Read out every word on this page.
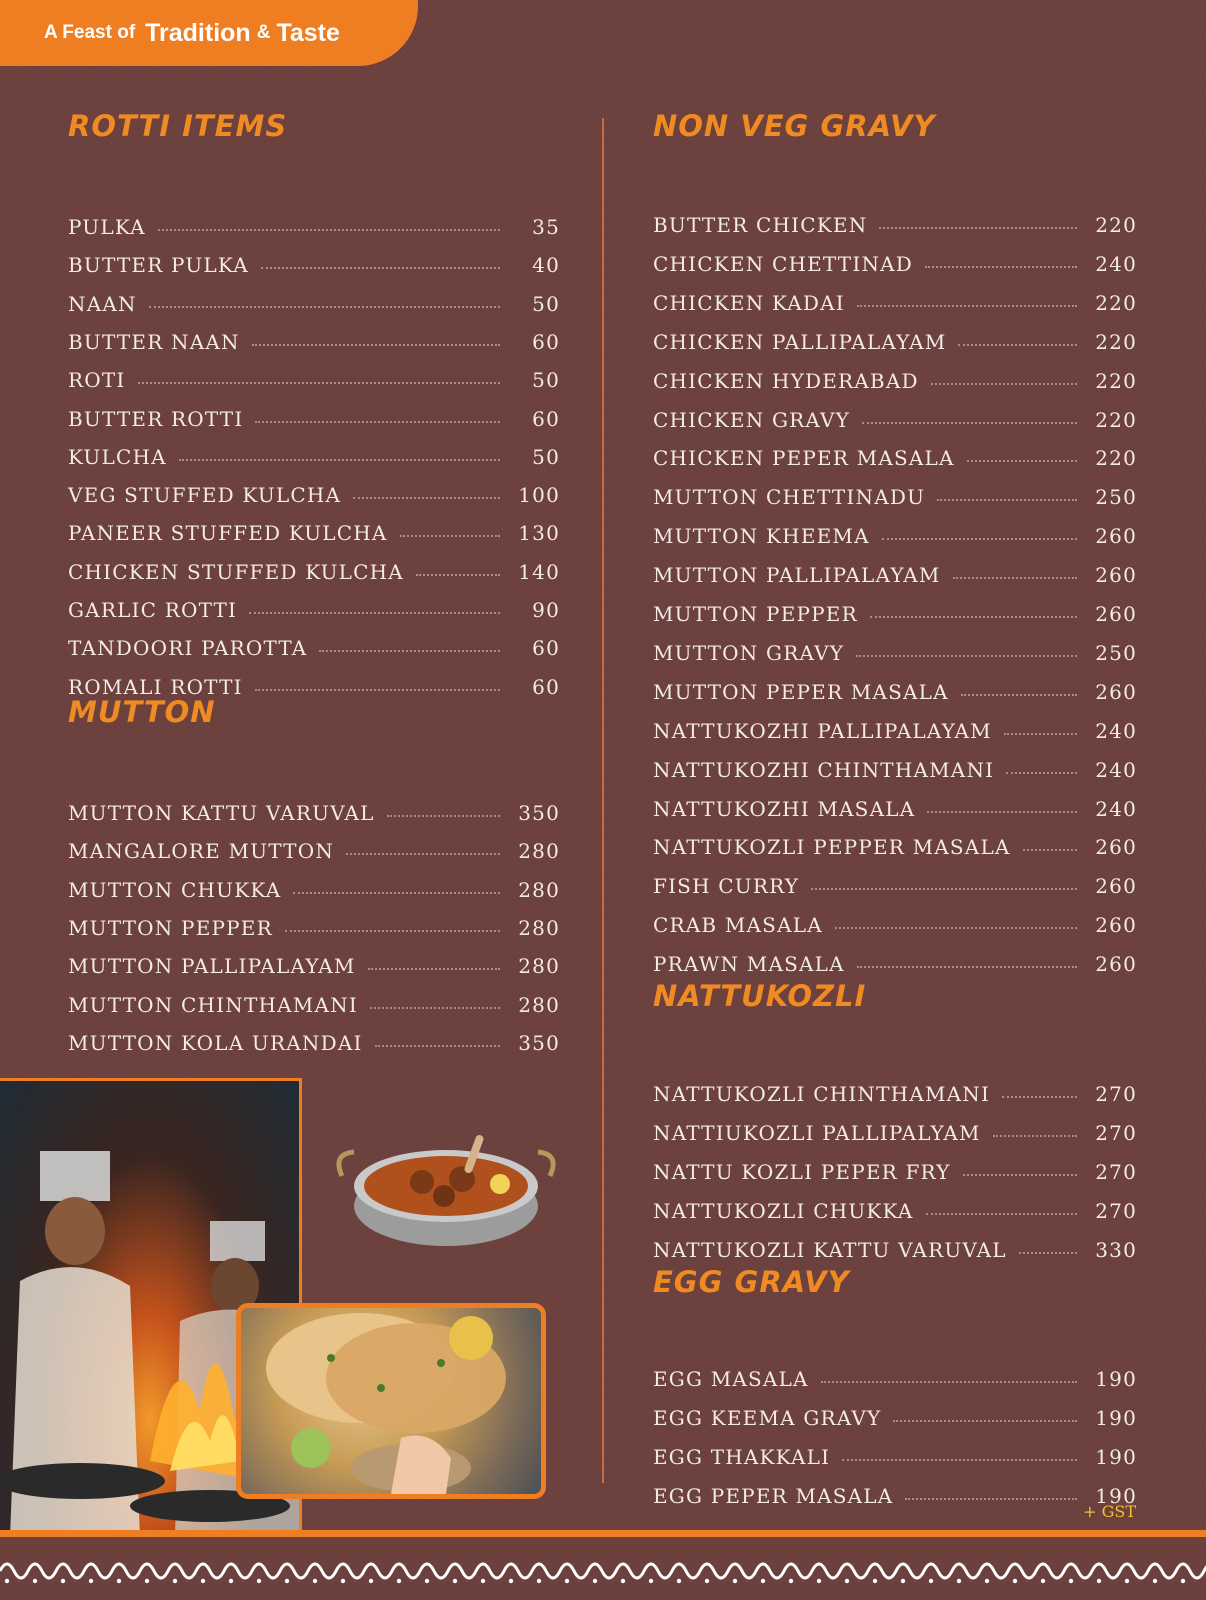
A Feast of Tradition & Taste
ROTTI ITEMS
PULKA	35
BUTTER PULKA	40
NAAN	50
BUTTER NAAN	60
ROTI	50
BUTTER ROTTI	60
KULCHA	50
VEG STUFFED KULCHA	100
PANEER STUFFED KULCHA	130
CHICKEN STUFFED KULCHA	140
GARLIC ROTTI	90
TANDOORI PAROTTA	60
ROMALI ROTTI	60
MUTTON
MUTTON KATTU VARUVAL	350
MANGALORE MUTTON	280
MUTTON CHUKKA	280
MUTTON PEPPER	280
MUTTON PALLIPALAYAM	280
MUTTON CHINTHAMANI	280
MUTTON KOLA URANDAI	350
NON VEG GRAVY
BUTTER CHICKEN	220
CHICKEN CHETTINAD	240
CHICKEN KADAI	220
CHICKEN PALLIPALAYAM	220
CHICKEN HYDERABAD	220
CHICKEN GRAVY	220
CHICKEN PEPER MASALA	220
MUTTON CHETTINADU	250
MUTTON KHEEMA	260
MUTTON PALLIPALAYAM	260
MUTTON PEPPER	260
MUTTON GRAVY	250
MUTTON PEPER MASALA	260
NATTUKOZHI PALLIPALAYAM	240
NATTUKOZHI CHINTHAMANI	240
NATTUKOZHI MASALA	240
NATTUKOZLI PEPPER MASALA	260
FISH CURRY	260
CRAB MASALA	260
PRAWN MASALA	260
NATTUKOZLI
NATTUKOZLI CHINTHAMANI	270
NATTIUKOZLI PALLIPALYAM	270
NATTU KOZLI PEPER FRY	270
NATTUKOZLI CHUKKA	270
NATTUKOZLI KATTU VARUVAL	330
EGG GRAVY
EGG MASALA	190
EGG KEEMA GRAVY	190
EGG THAKKALI	190
EGG PEPER MASALA	190
+ GST
